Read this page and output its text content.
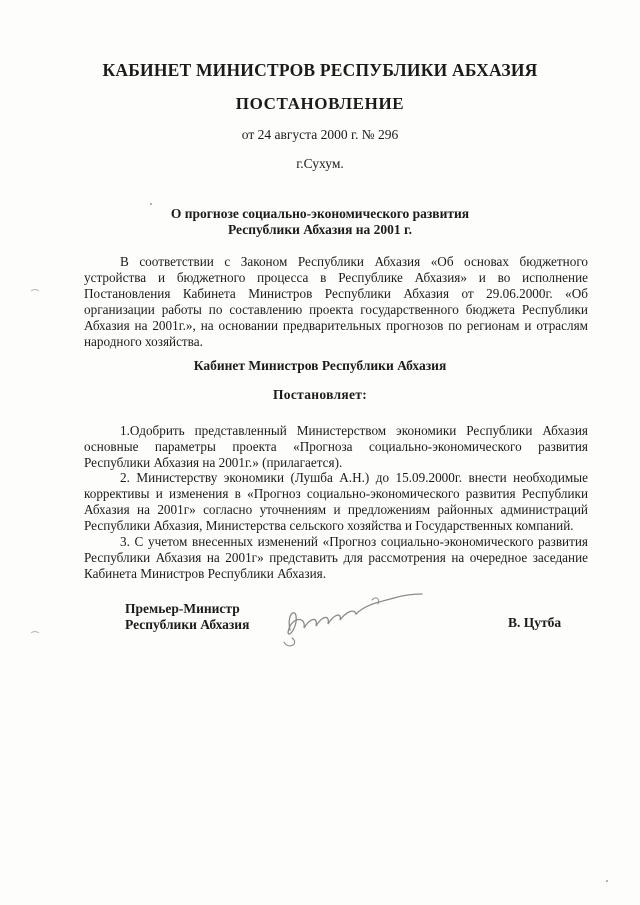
КАБИНЕТ МИНИСТРОВ РЕСПУБЛИКИ АБХАЗИЯ
ПОСТАНОВЛЕНИЕ
от 24 августа 2000 г. № 296
г.Сухум.
О прогнозе социально-экономического развития
Республики Абхазия на 2001 г.

В соответствии с Законом Республики Абхазия «Об основах бюджетного устройства и бюджетного процесса в Республике Абхазия» и во исполнение Постановления Кабинета Министров Республики Абхазия от 29.06.2000г. «Об организации работы по составлению проекта государственного бюджета Республики Абхазия на 2001г.», на основании предварительных прогнозов по регионам и отраслям народного хозяйства.

Кабинет Министров Республики Абхазия
Постановляет:

1.Одобрить представленный Министерством экономики Республики Абхазия основные параметры проекта «Прогноза социально-экономического развития Республики Абхазия на 2001г.» (прилагается).

2. Министерству экономики (Лушба А.Н.) до 15.09.2000г. внести необходимые коррективы и изменения в «Прогноз социально-экономического развития Республики Абхазия на 2001г» согласно уточнениям и предложениям районных администраций Республики Абхазия, Министерства сельского хозяйства и Государственных компаний.

3. С учетом внесенных изменений «Прогноз социально-экономического развития Республики Абхазия на 2001г» представить для рассмотрения на очередное заседание Кабинета Министров Республики Абхазия.

Премьер-Министр
Республики Абхазия	В. Цутба
